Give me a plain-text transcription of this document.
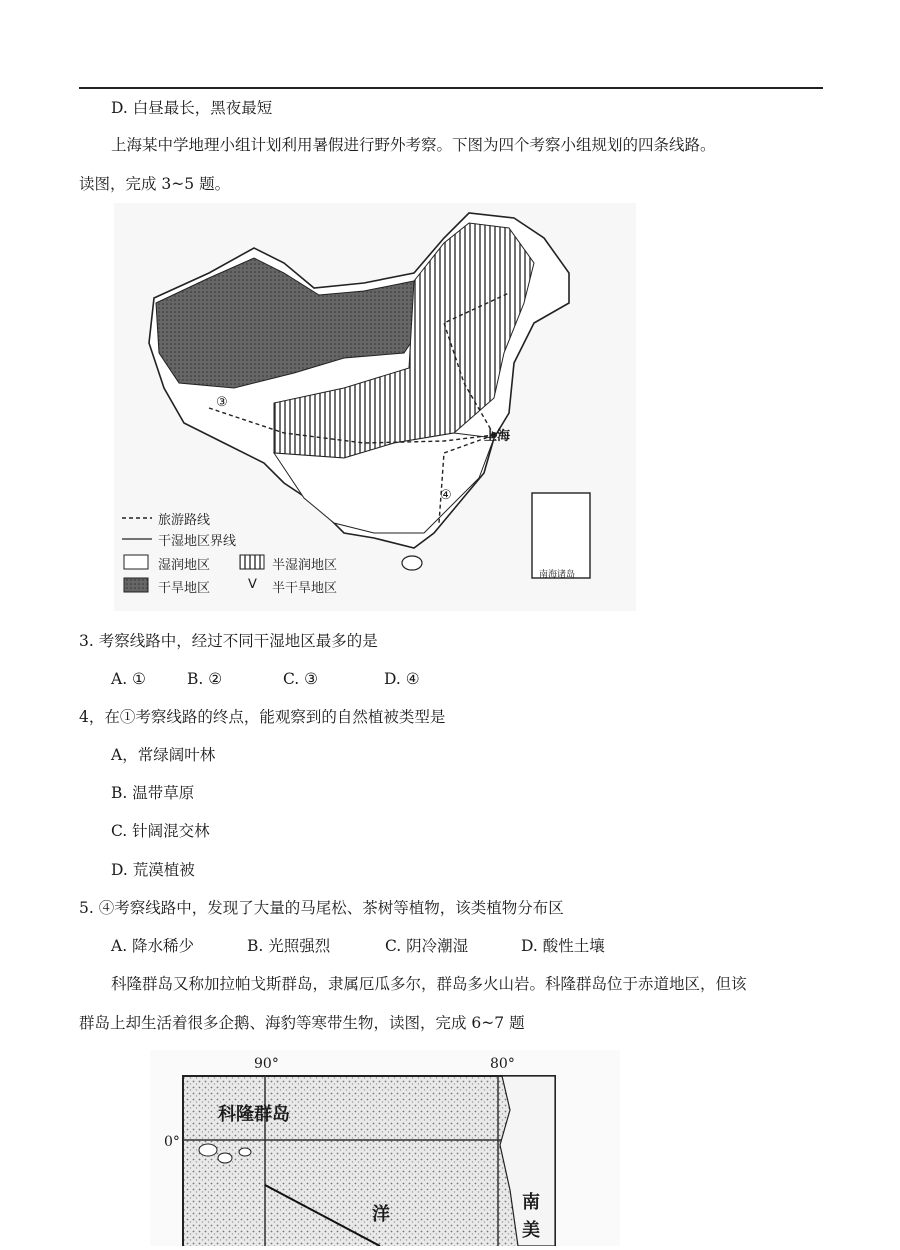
D. 白昼最长，黑夜最短
上海某中学地理小组计划利用暑假进行野外考察。下图为四个考察小组规划的四条线路。
读图，完成 3~5 题。
上海
③
④
旅游路线
干湿地区界线
湿润地区	半湿润地区
干旱地区	ᐯ 半干旱地区
南海诸岛
3. 考察线路中，经过不同干湿地区最多的是
A. ①	B. ②	C. ③	D. ④
4，在①考察线路的终点，能观察到的自然植被类型是
A，常绿阔叶林
B. 温带草原
C. 针阔混交林
D. 荒漠植被
5. ④考察线路中，发现了大量的马尾松、茶树等植物，该类植物分布区
A. 降水稀少	B. 光照强烈	C. 阴冷潮湿	D. 酸性土壤
科隆群岛又称加拉帕戈斯群岛，隶属厄瓜多尔，群岛多火山岩。科隆群岛位于赤道地区，但该
群岛上却生活着很多企鹅、海豹等寒带生物，读图，完成 6~7 题
90°	80°
0°
科隆群岛
洋
南
美
